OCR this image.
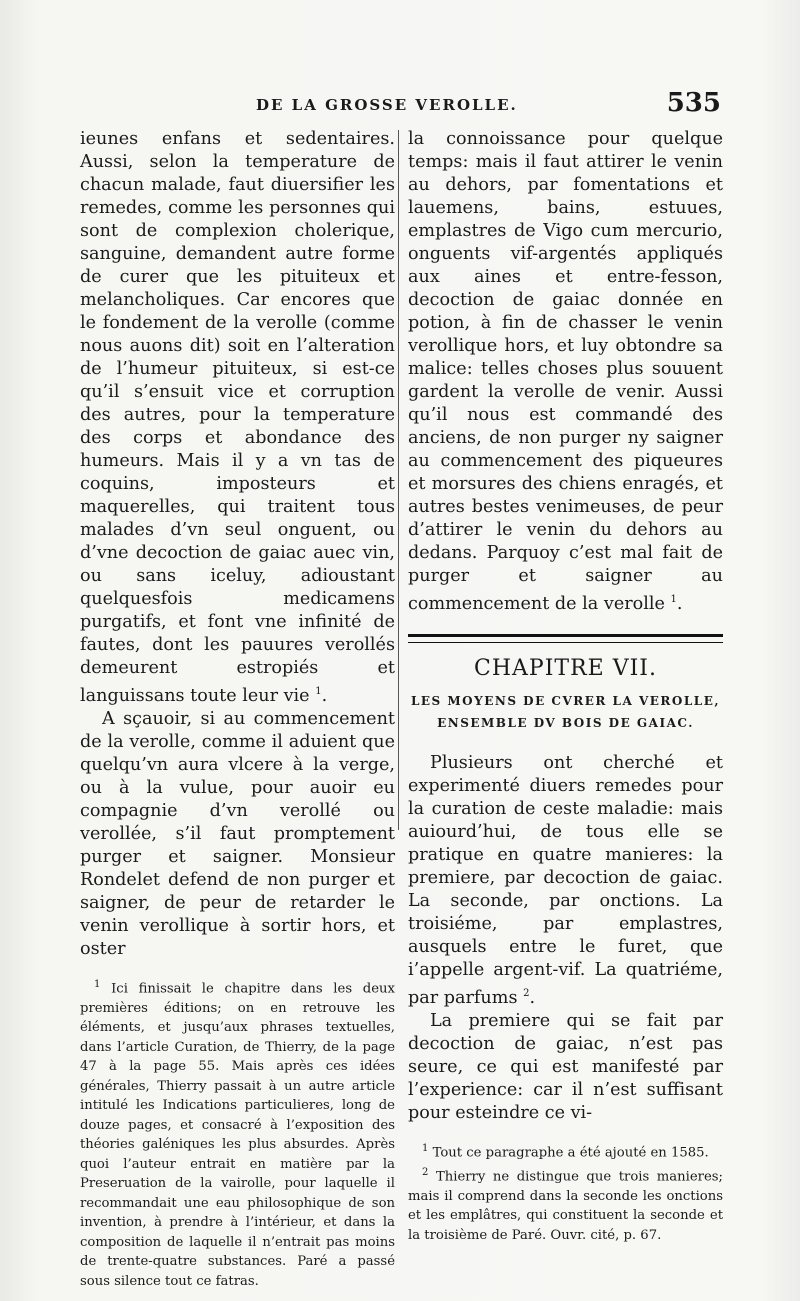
DE LA GROSSE VEROLLE.	535

ieunes enfans et sedentaires. Aussi, selon la temperature de chacun malade, faut diuersifier les remedes, comme les personnes qui sont de complexion cholerique, sanguine, demandent autre forme de curer que les pituiteux et melancholiques. Car encores que le fondement de la verolle (comme nous auons dit) soit en l’alteration de l’humeur pituiteux, si est-ce qu’il s’ensuit vice et corruption des autres, pour la temperature des corps et abondance des humeurs. Mais il y a vn tas de coquins, imposteurs et maquerelles, qui traitent tous malades d’vn seul onguent, ou d’vne decoction de gaiac auec vin, ou sans iceluy, adioustant quelquesfois medicamens purgatifs, et font vne infinité de fautes, dont les pauures verollés demeurent estropiés et languissans toute leur vie $^1$.

A sçauoir, si au commencement de la verolle, comme il aduient que quelqu’vn aura vlcere à la verge, ou à la vulue, pour auoir eu compagnie d’vn verollé ou verollée, s’il faut promptement purger et saigner. Monsieur Rondelet defend de non purger et saigner, de peur de retarder le venin verollique à sortir hors, et oster

$^1$ Ici finissait le chapitre dans les deux premières éditions; on en retrouve les éléments, et jusqu’aux phrases textuelles, dans l’article Curation, de Thierry, de la page 47 à la page 55. Mais après ces idées générales, Thierry passait à un autre article intitulé les Indications particulieres, long de douze pages, et consacré à l’exposition des théories galéniques les plus absurdes. Après quoi l’auteur entrait en matière par la Preseruation de la vairolle, pour laquelle il recommandait une eau philosophique de son invention, à prendre à l’intérieur, et dans la composition de laquelle il n’entrait pas moins de trente-quatre substances. Paré a passé sous silence tout ce fatras.

la connoissance pour quelque temps: mais il faut attirer le venin au dehors, par fomentations et lauemens, bains, estuues, emplastres de Vigo cum mercurio, onguents vif-argentés appliqués aux aines et entre-fesson, decoction de gaiac donnée en potion, à fin de chasser le venin verollique hors, et luy obtondre sa malice: telles choses plus souuent gardent la verolle de venir. Aussi qu’il nous est commandé des anciens, de non purger ny saigner au commencement des piqueures et morsures des chiens enragés, et autres bestes venimeuses, de peur d’attirer le venin du dehors au dedans. Parquoy c’est mal fait de purger et saigner au commencement de la verolle $^1$.

CHAPITRE VII.
LES MOYENS DE CVRER LA VEROLLE,
ENSEMBLE DV BOIS DE GAIAC.

Plusieurs ont cherché et experimenté diuers remedes pour la curation de ceste maladie: mais auiourd’hui, de tous elle se pratique en quatre manieres: la premiere, par decoction de gaiac. La seconde, par onctions. La troisiéme, par emplastres, ausquels entre le furet, que i’appelle argent-vif. La quatriéme, par parfums $^2$.

La premiere qui se fait par decoction de gaiac, n’est pas seure, ce qui est manifesté par l’experience: car il n’est suffisant pour esteindre ce vi-

$^1$ Tout ce paragraphe a été ajouté en 1585.

$^2$ Thierry ne distingue que trois manieres; mais il comprend dans la seconde les onctions et les emplâtres, qui constituent la seconde et la troisième de Paré. Ouvr. cité, p. 67.
